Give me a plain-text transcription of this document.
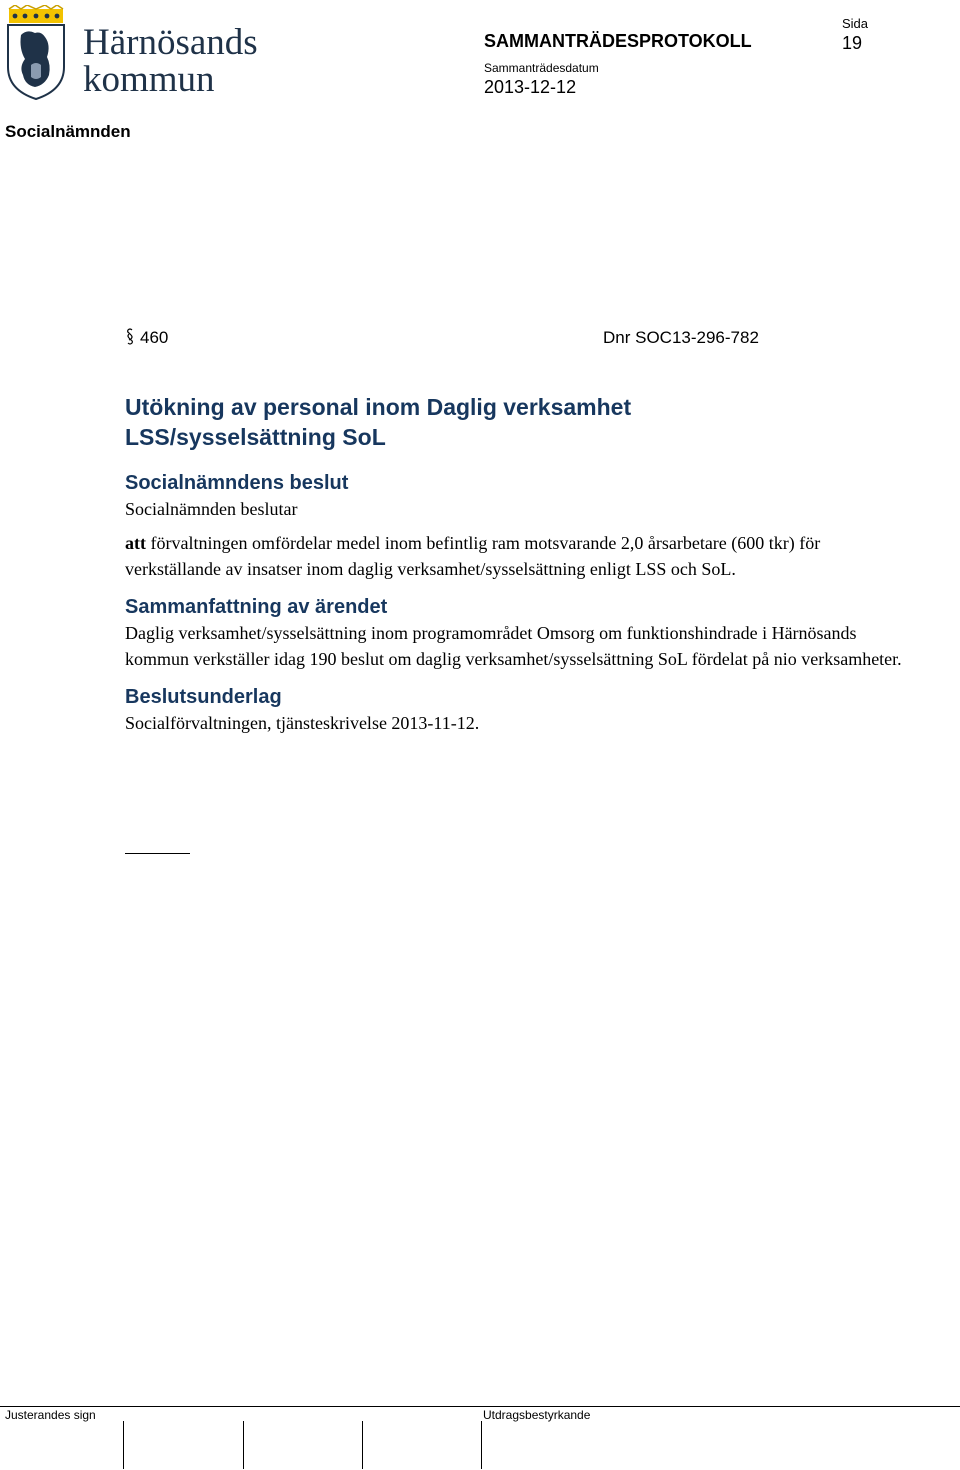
Härnösands
kommun
SAMMANTRÄDESPROTOKOLL
Sida
19
Sammanträdesdatum
2013-12-12
Socialnämnden
460	Dnr SOC13-296-782
Utökning av personal inom Daglig verksamhet LSS/sysselsättning SoL
Socialnämndens beslut

Socialnämnden beslutar

att förvaltningen omfördelar medel inom befintlig ram motsvarande 2,0 årsarbetare (600 tkr) för verkställande av insatser inom daglig verksamhet/sysselsättning enligt LSS och SoL.

Sammanfattning av ärendet

Daglig verksamhet/sysselsättning inom programområdet Omsorg om funktionshindrade i Härnösands kommun verkställer idag 190 beslut om daglig verksamhet/sysselsättning SoL fördelat på nio verksamheter.

Beslutsunderlag

Socialförvaltningen, tjänsteskrivelse 2013-11-12.

Justerandes sign	Utdragsbestyrkande
